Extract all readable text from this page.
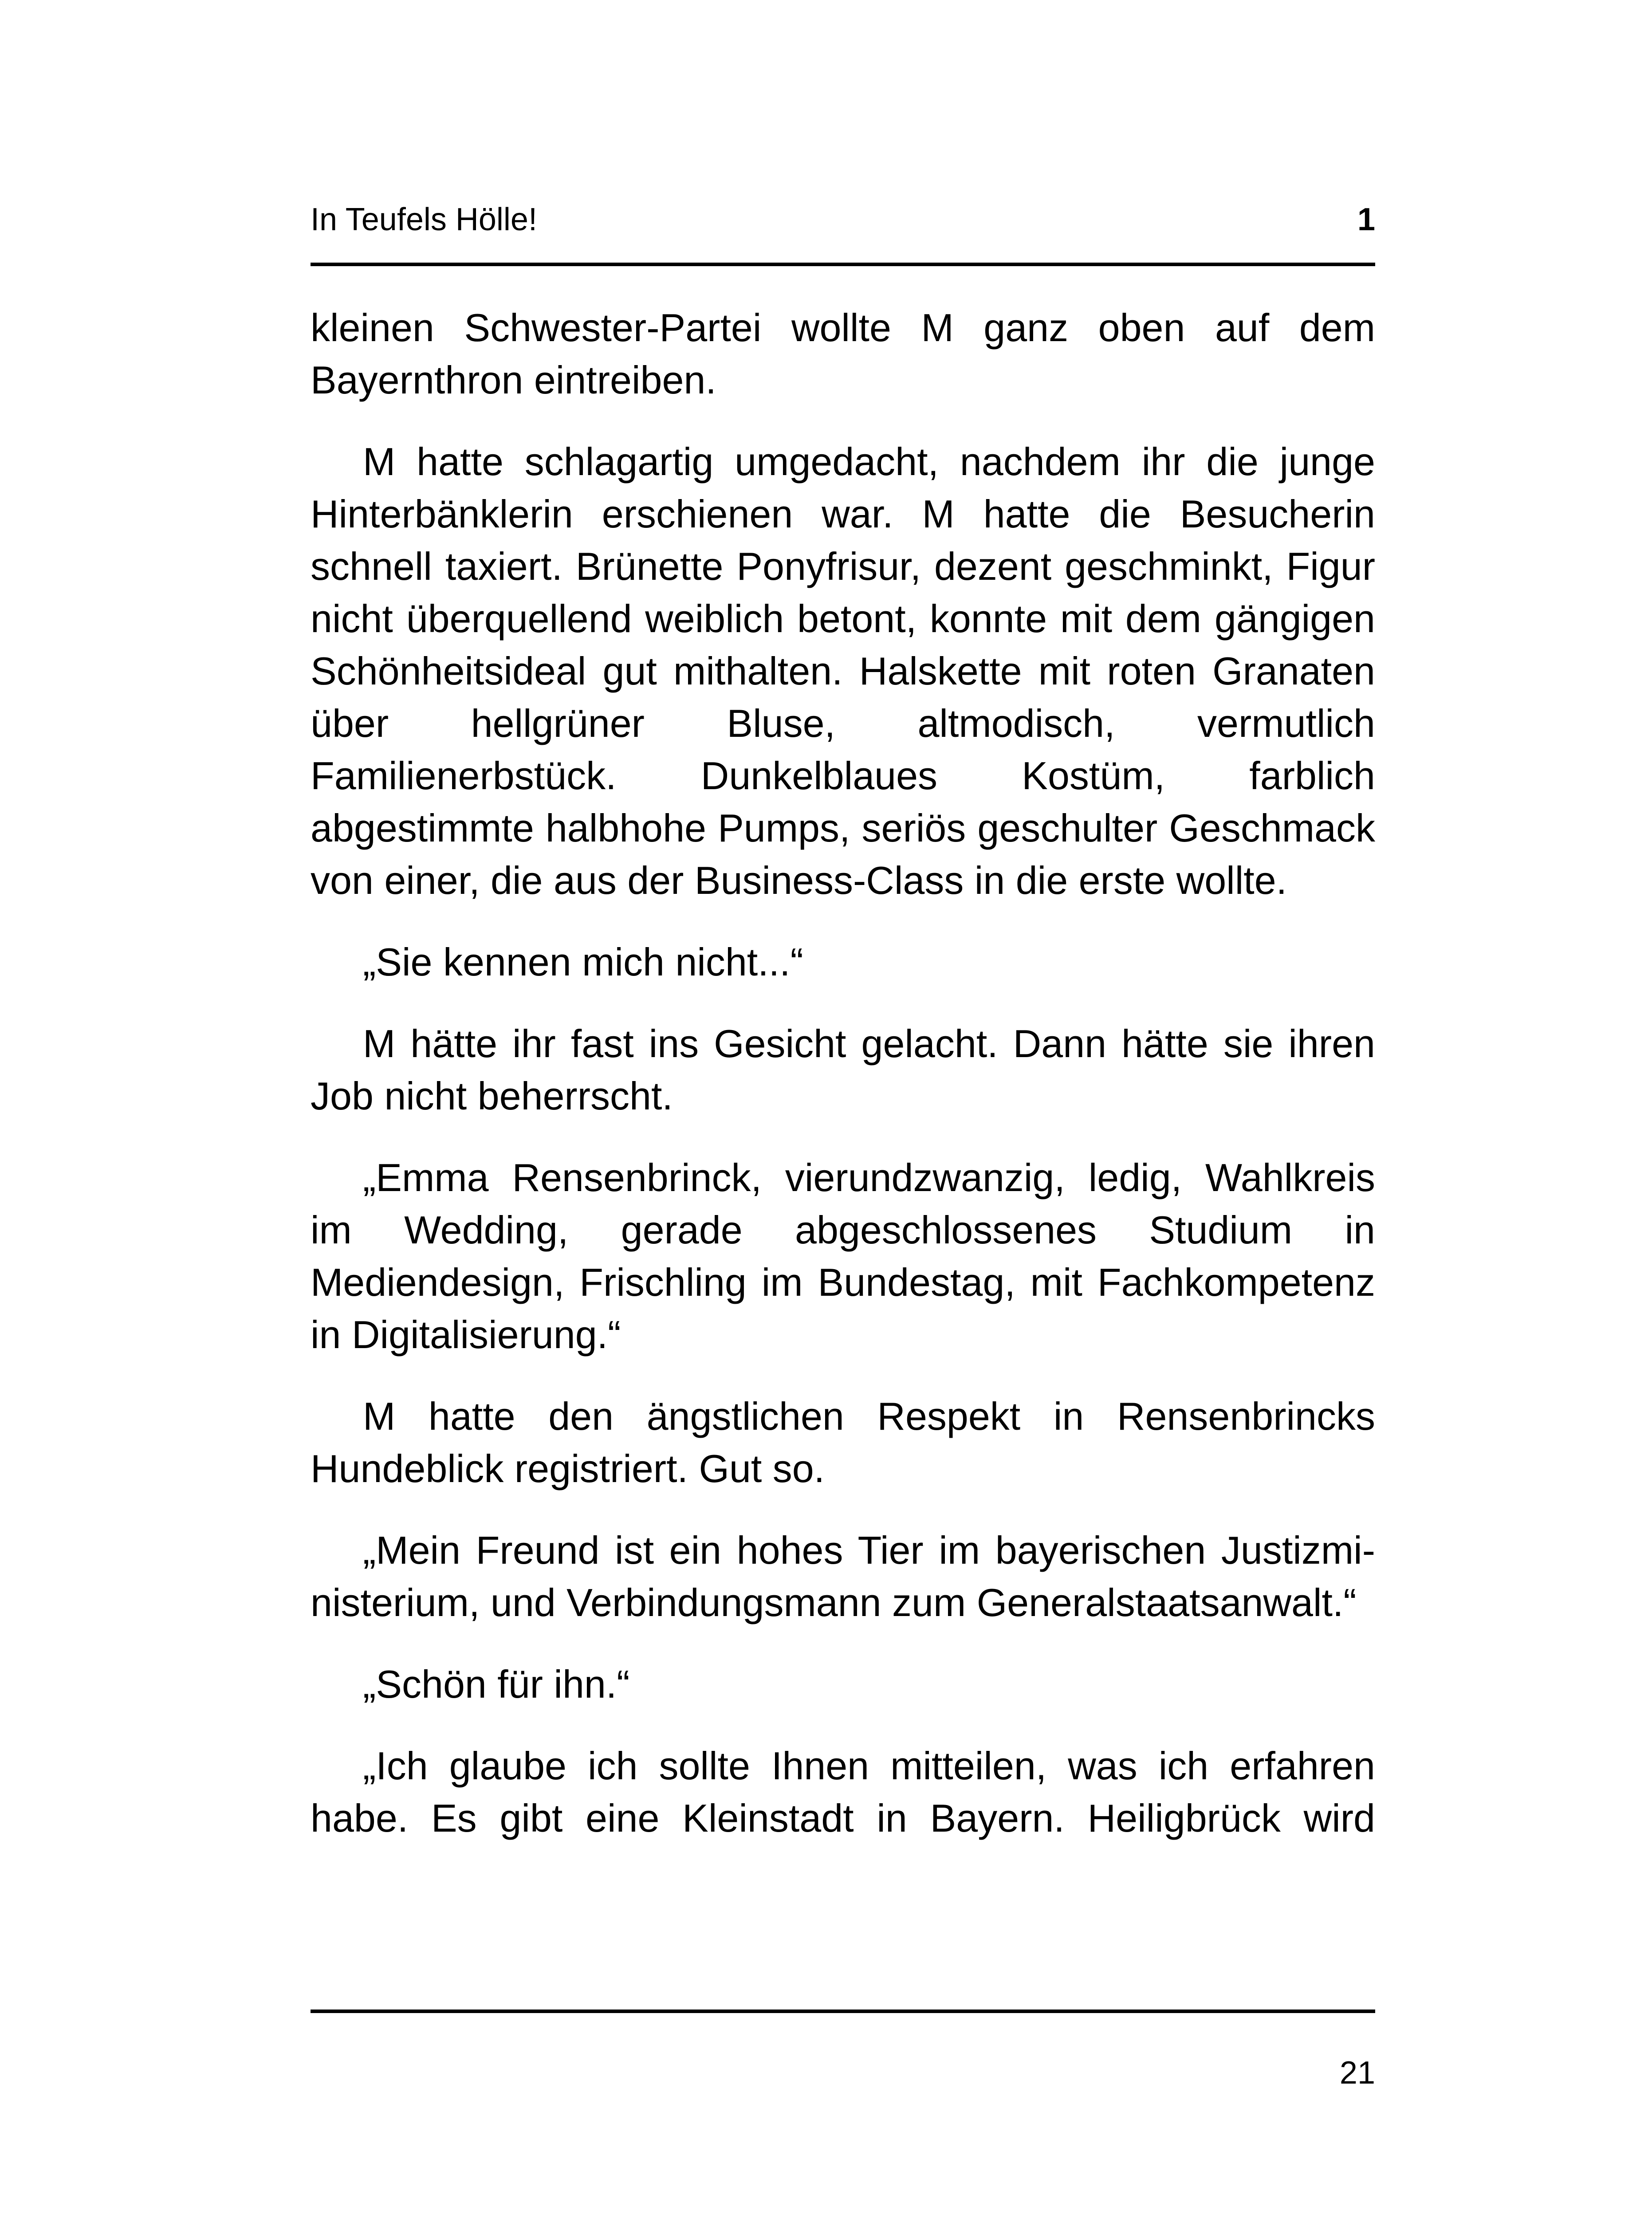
In Teufels Hölle!	1

kleinen Schwester-Partei wollte M ganz oben auf dem Bayernthron eintreiben.

M hatte schlagartig umgedacht, nachdem ihr die junge Hinterbänklerin erschienen war. M hatte die Besucherin schnell taxiert. Brünette Ponyfrisur, dezent geschminkt, Figur nicht überquellend weiblich betont, konnte mit dem gängigen Schönheitsideal gut mithalten. Halskette mit roten Granaten über hellgrüner Bluse, altmodisch, vermutlich Familienerbstück. Dunkelblaues Kostüm, farblich abgestimmte halbhohe Pumps, seriös geschulter Geschmack von einer, die aus der Business-Class in die erste wollte.

„Sie kennen mich nicht...“

M hätte ihr fast ins Gesicht gelacht. Dann hätte sie ihren Job nicht beherrscht.

„Emma Rensenbrinck, vierundzwanzig, ledig, Wahlkreis im Wedding, gerade abgeschlossenes Studium in Mediendesign, Frischling im Bundestag, mit Fachkompetenz in Digitalisierung.“

M hatte den ängstlichen Respekt in Rensenbrincks Hundeblick registriert. Gut so.

„Mein Freund ist ein hohes Tier im bayerischen Justizministerium, und Verbindungsmann zum Generalstaatsanwalt.“

„Schön für ihn.“

„Ich glaube ich sollte Ihnen mitteilen, was ich erfahren habe. Es gibt eine Kleinstadt in Bayern. Heiligbrück wird

21
